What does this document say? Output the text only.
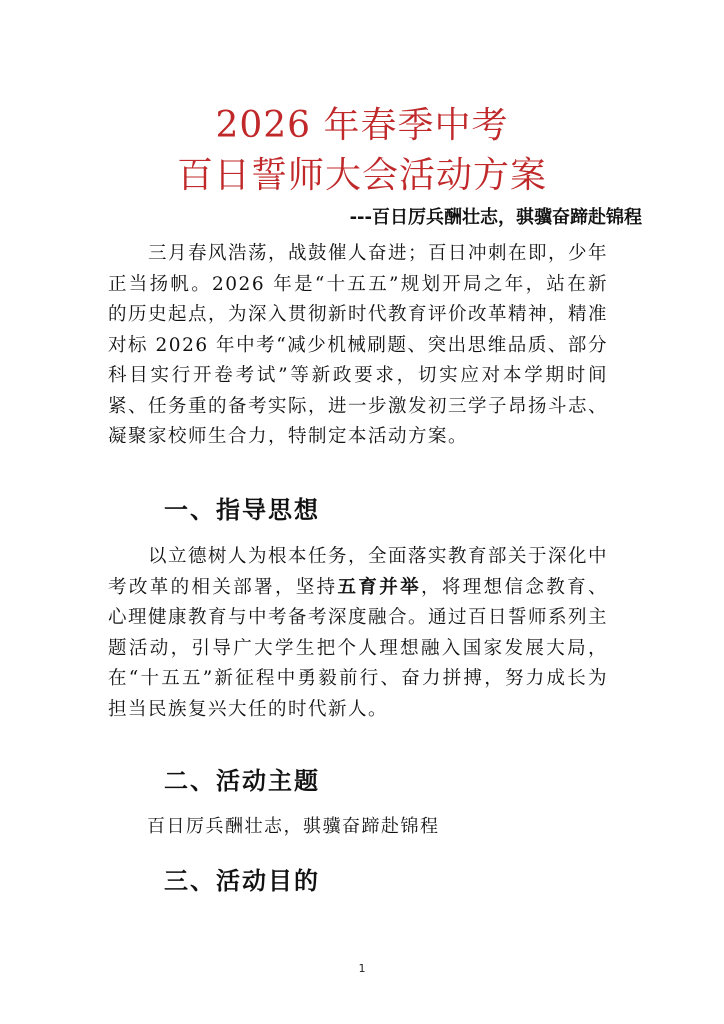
2026 年春季中考
百日誓师大会活动方案
---百日厉兵酬壮志，骐骥奋蹄赴锦程
三月春风浩荡，战鼓催人奋进；百日冲刺在即，少年正当扬帆。2026 年是“十五五”规划开局之年，站在新的历史起点，为深入贯彻新时代教育评价改革精神，精准对标 2026 年中考“减少机械刷题、突出思维品质、部分科目实行开卷考试”等新政要求，切实应对本学期时间紧、任务重的备考实际，进一步激发初三学子昂扬斗志、凝聚家校师生合力，特制定本活动方案。
一、指导思想
以立德树人为根本任务，全面落实教育部关于深化中考改革的相关部署，坚持五育并举，将理想信念教育、心理健康教育与中考备考深度融合。通过百日誓师系列主题活动，引导广大学生把个人理想融入国家发展大局，在“十五五”新征程中勇毅前行、奋力拼搏，努力成长为担当民族复兴大任的时代新人。
二、活动主题
百日厉兵酬壮志，骐骥奋蹄赴锦程
三、活动目的
1
